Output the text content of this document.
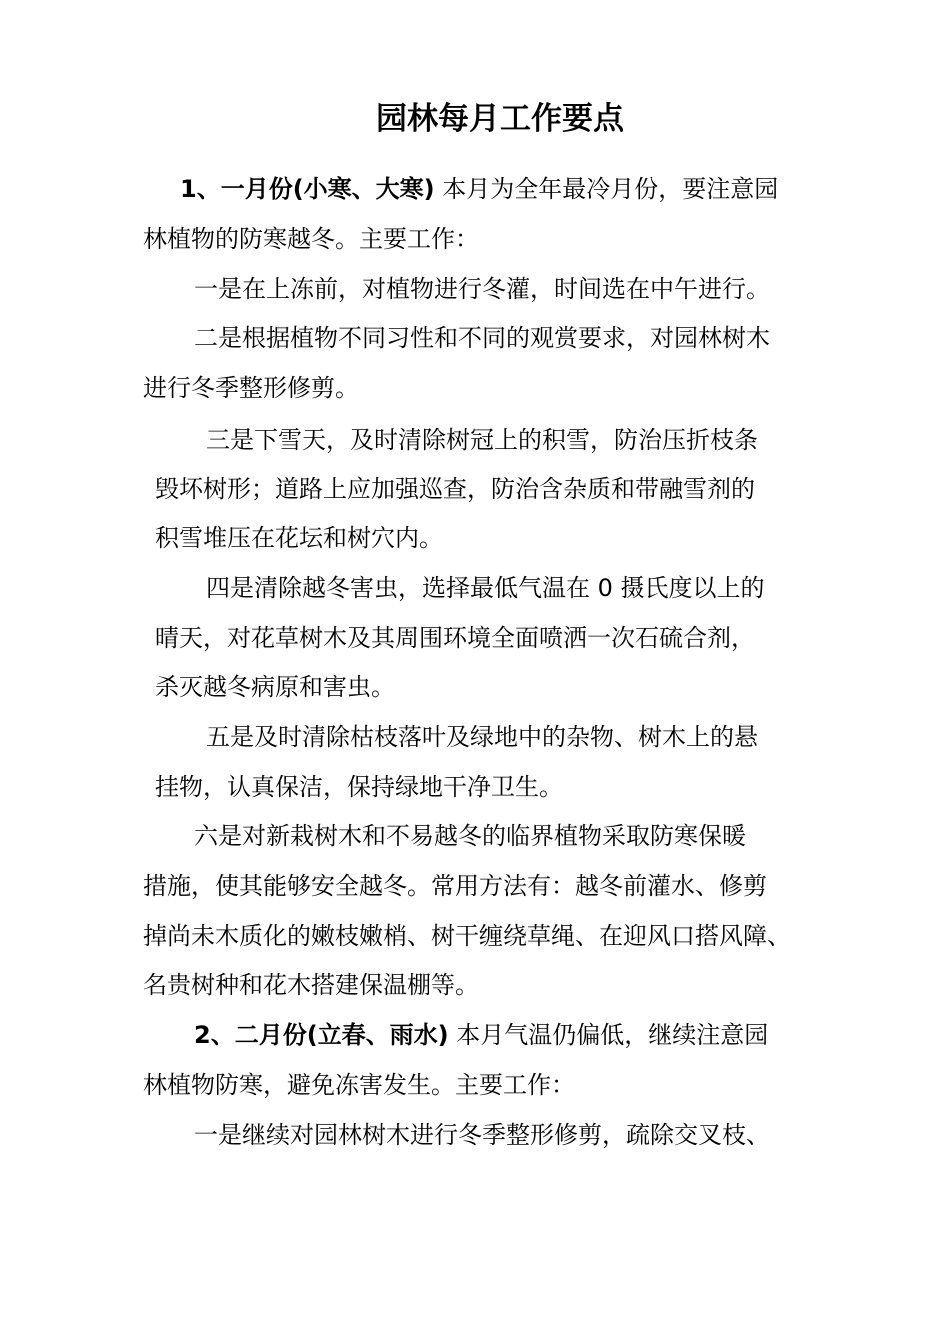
园林每月工作要点

1、一月份(小寒、大寒) 本月为全年最冷月份，要注意园

林植物的防寒越冬。主要工作：

一是在上冻前，对植物进行冬灌，时间选在中午进行。

二是根据植物不同习性和不同的观赏要求，对园林树木

进行冬季整形修剪。

三是下雪天，及时清除树冠上的积雪，防治压折枝条

毁坏树形；道路上应加强巡查，防治含杂质和带融雪剂的

积雪堆压在花坛和树穴内。

四是清除越冬害虫，选择最低气温在 0 摄氏度以上的

晴天，对花草树木及其周围环境全面喷洒一次石硫合剂，

杀灭越冬病原和害虫。

五是及时清除枯枝落叶及绿地中的杂物、树木上的悬

挂物，认真保洁，保持绿地干净卫生。

六是对新栽树木和不易越冬的临界植物采取防寒保暖

措施，使其能够安全越冬。常用方法有：越冬前灌水、修剪

掉尚未木质化的嫩枝嫩梢、树干缠绕草绳、在迎风口搭风障、

名贵树种和花木搭建保温棚等。

2、二月份(立春、雨水) 本月气温仍偏低，继续注意园

林植物防寒，避免冻害发生。主要工作：

一是继续对园林树木进行冬季整形修剪，疏除交叉枝、
